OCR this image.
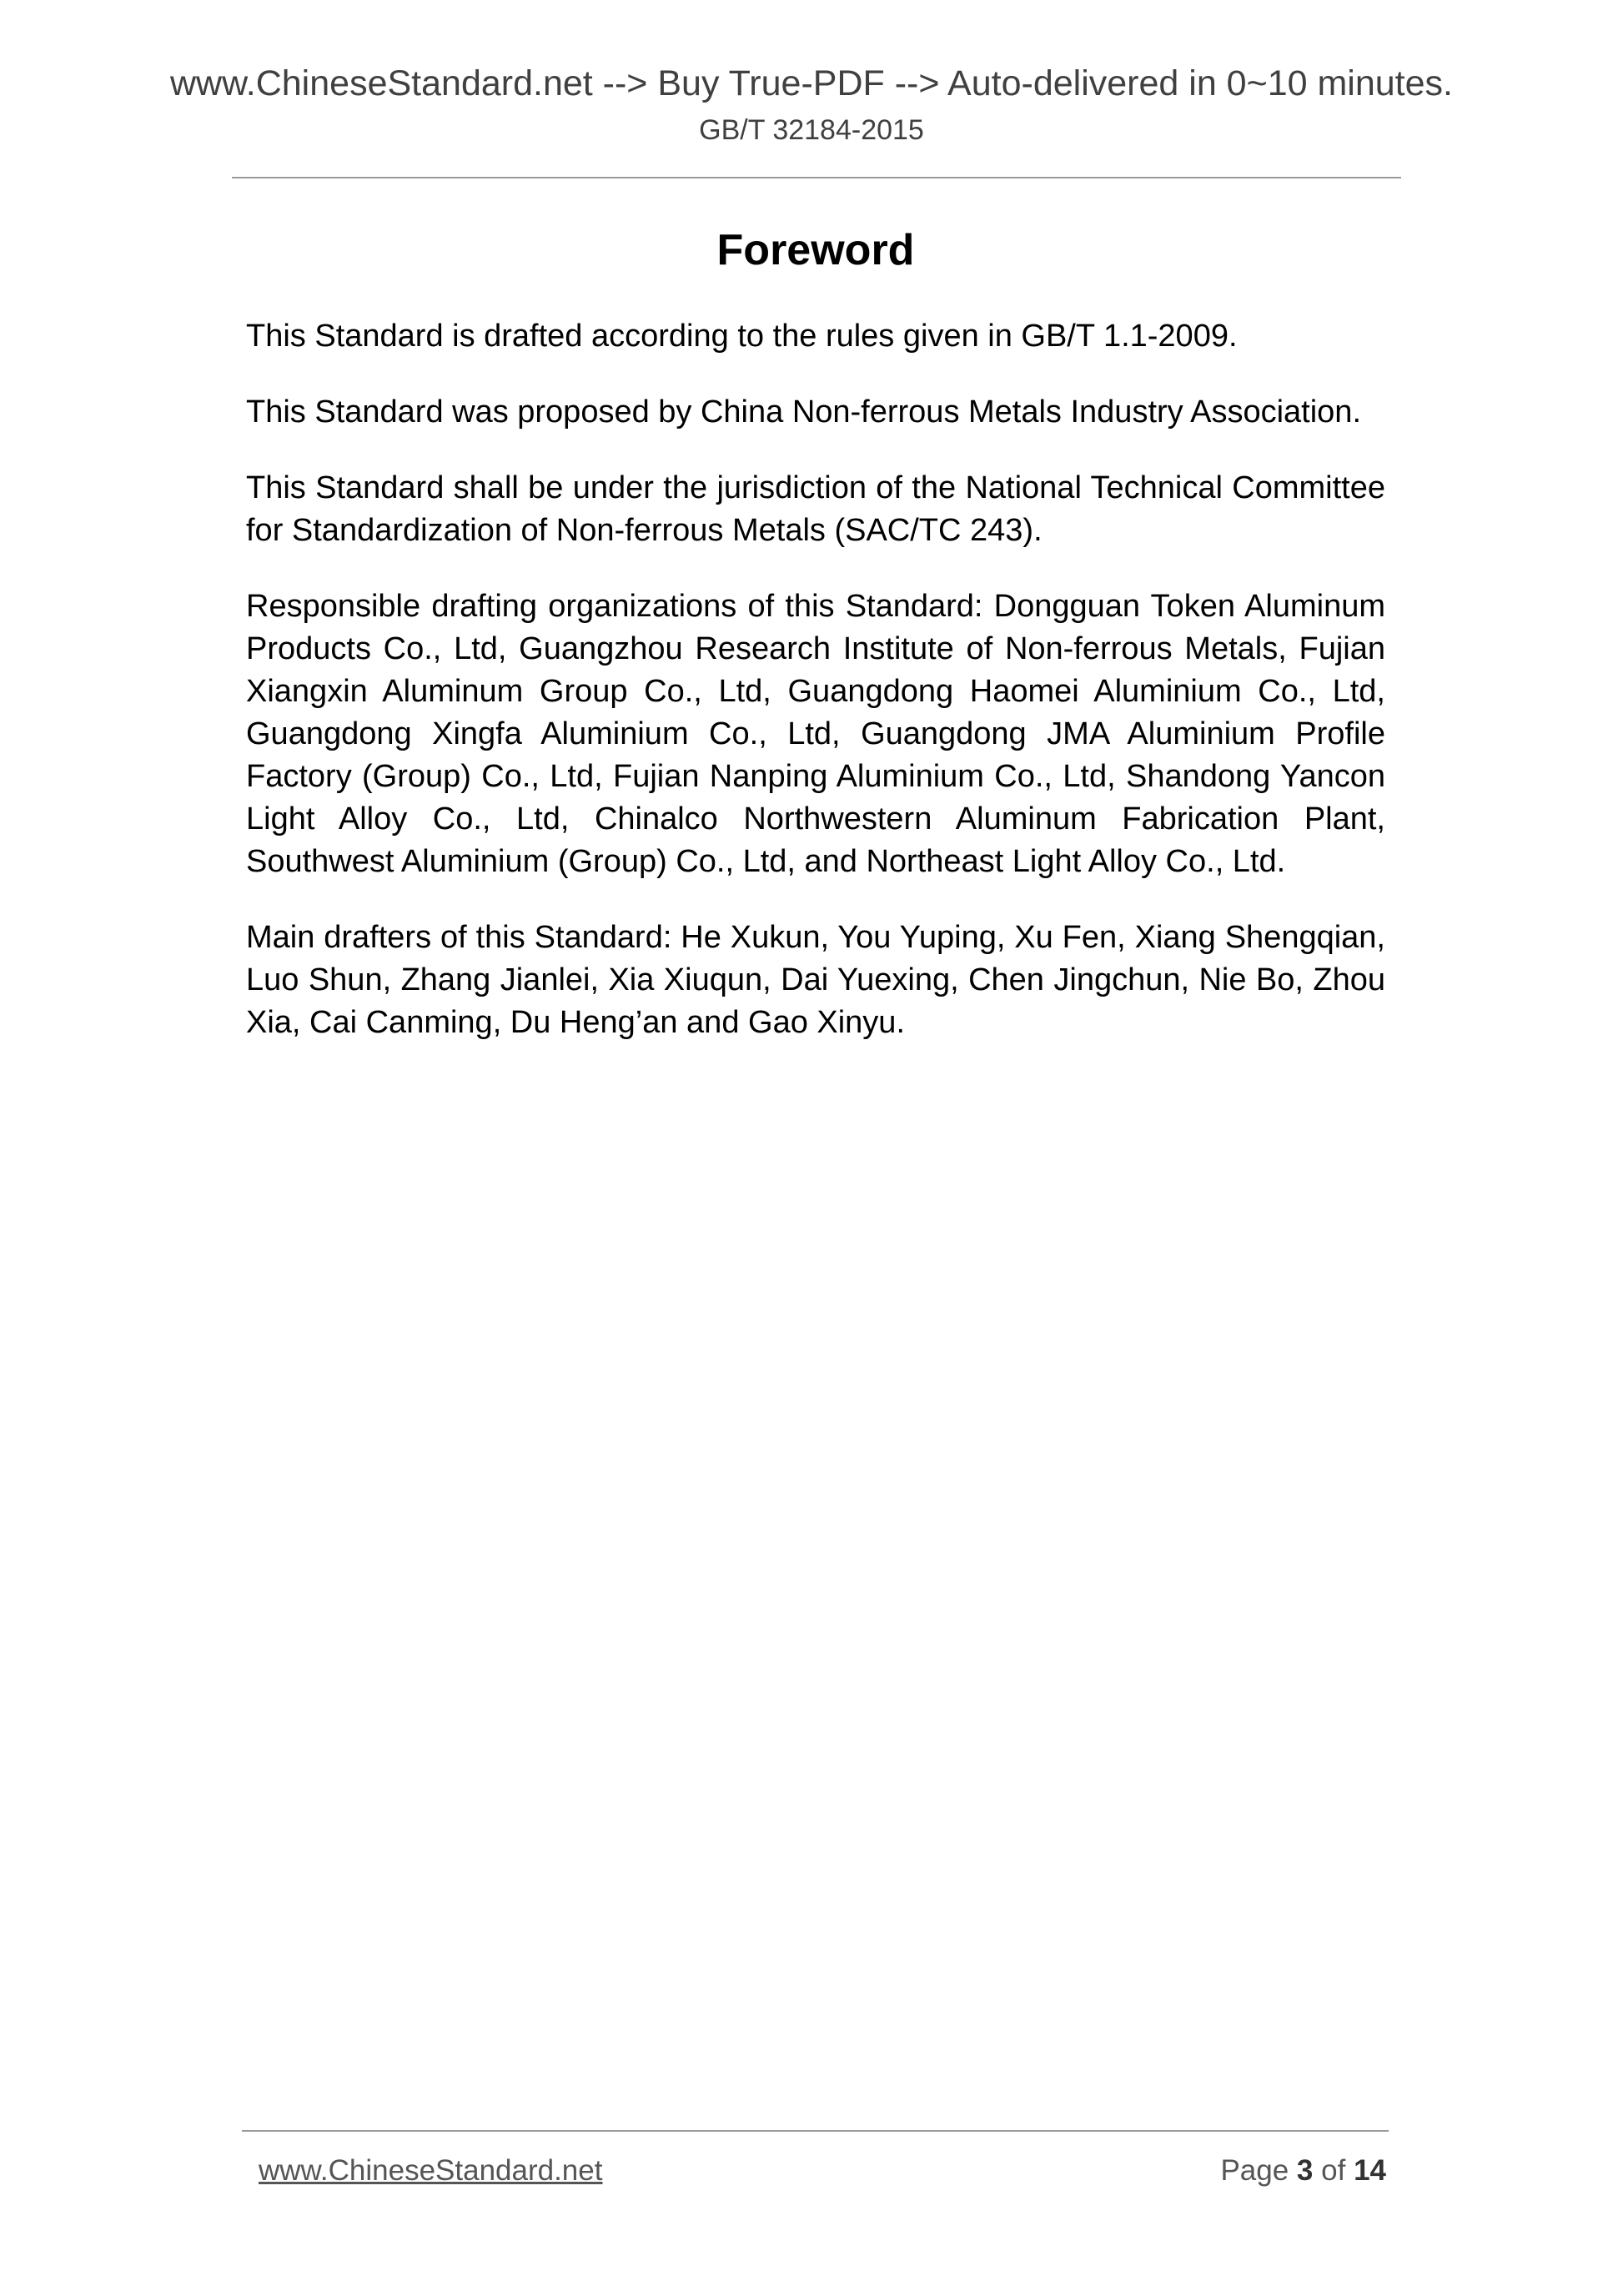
www.ChineseStandard.net --> Buy True-PDF --> Auto-delivered in 0~10 minutes.
GB/T 32184-2015
Foreword

This Standard is drafted according to the rules given in GB/T 1.1-2009.

This Standard was proposed by China Non-ferrous Metals Industry Association.

This Standard shall be under the jurisdiction of the National Technical Committee for Standardization of Non-ferrous Metals (SAC/TC 243).

Responsible drafting organizations of this Standard: Dongguan Token Aluminum Products Co., Ltd, Guangzhou Research Institute of Non-ferrous Metals, Fujian Xiangxin Aluminum Group Co., Ltd, Guangdong Haomei Aluminium Co., Ltd, Guangdong Xingfa Aluminium Co., Ltd, Guangdong JMA Aluminium Profile Factory (Group) Co., Ltd, Fujian Nanping Aluminium Co., Ltd, Shandong Yancon Light Alloy Co., Ltd, Chinalco Northwestern Aluminum Fabrication Plant, Southwest Aluminium (Group) Co., Ltd, and Northeast Light Alloy Co., Ltd.

Main drafters of this Standard: He Xukun, You Yuping, Xu Fen, Xiang Shengqian, Luo Shun, Zhang Jianlei, Xia Xiuqun, Dai Yuexing, Chen Jingchun, Nie Bo, Zhou Xia, Cai Canming, Du Heng’an and Gao Xinyu.

www.ChineseStandard.net	Page 3 of 14
